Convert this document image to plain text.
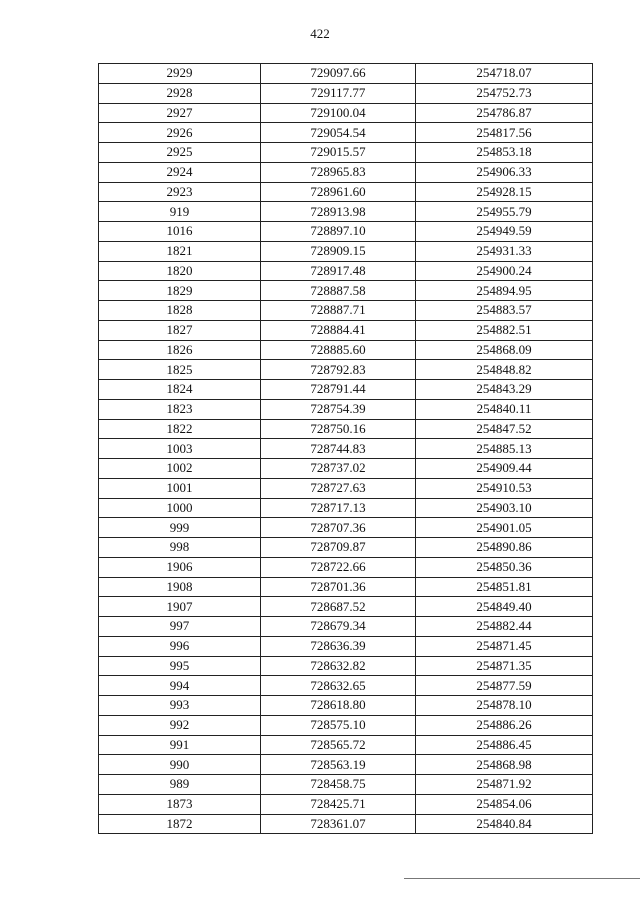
422
2929	729097.66	254718.07
2928	729117.77	254752.73
2927	729100.04	254786.87
2926	729054.54	254817.56
2925	729015.57	254853.18
2924	728965.83	254906.33
2923	728961.60	254928.15
919	728913.98	254955.79
1016	728897.10	254949.59
1821	728909.15	254931.33
1820	728917.48	254900.24
1829	728887.58	254894.95
1828	728887.71	254883.57
1827	728884.41	254882.51
1826	728885.60	254868.09
1825	728792.83	254848.82
1824	728791.44	254843.29
1823	728754.39	254840.11
1822	728750.16	254847.52
1003	728744.83	254885.13
1002	728737.02	254909.44
1001	728727.63	254910.53
1000	728717.13	254903.10
999	728707.36	254901.05
998	728709.87	254890.86
1906	728722.66	254850.36
1908	728701.36	254851.81
1907	728687.52	254849.40
997	728679.34	254882.44
996	728636.39	254871.45
995	728632.82	254871.35
994	728632.65	254877.59
993	728618.80	254878.10
992	728575.10	254886.26
991	728565.72	254886.45
990	728563.19	254868.98
989	728458.75	254871.92
1873	728425.71	254854.06
1872	728361.07	254840.84
